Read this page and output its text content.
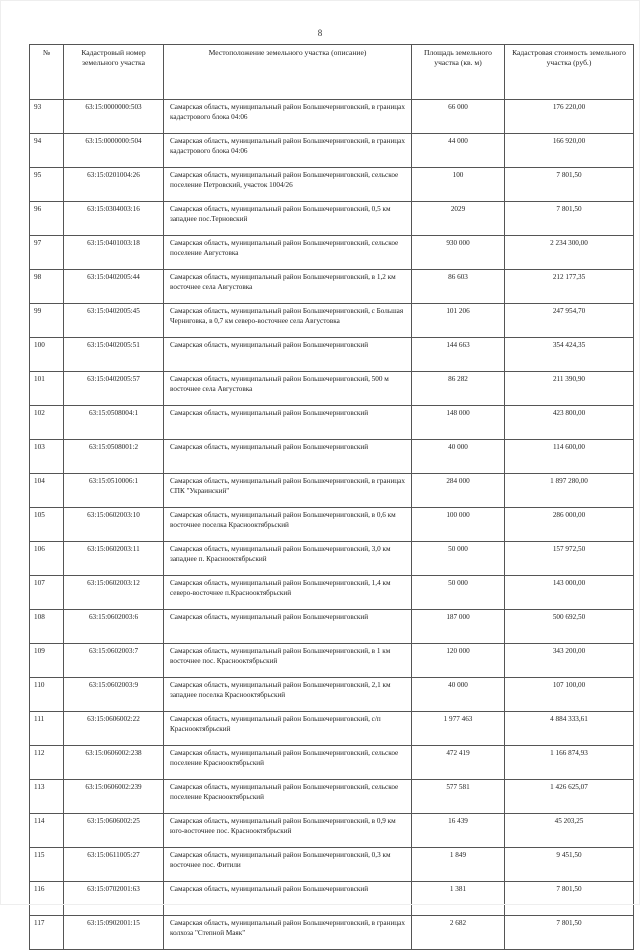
8
№	Кадастровый номер земельного участка	Местоположение земельного участка (описание)	Площадь земельного участка (кв. м)	Кадастровая стоимость земельного участка (руб.)
93	63:15:0000000:503	Самарская область, муниципальный район Большечерниговский, в границах кадастрового блока 04:06	66 000	176 220,00
94	63:15:0000000:504	Самарская область, муниципальный район Большечерниговский, в границах кадастрового блока 04:06	44 000	166 920,00
95	63:15:0201004:26	Самарская область, муниципальный район Большечерниговский, сельское поселение Петровский, участок 1004/26	100	7 801,50
96	63:15:0304003:16	Самарская область, муниципальный район Большечерниговский, 0,5 км западнее пос.Терновский	2029	7 801,50
97	63:15:0401003:18	Самарская область, муниципальный район Большечерниговский, сельское поселение Августовка	930 000	2 234 300,00
98	63:15:0402005:44	Самарская область, муниципальный район Большечерниговский, в 1,2 км восточнее села Августовка	86 603	212 177,35
99	63:15:0402005:45	Самарская область, муниципальный район Большечерниговский, с Большая Черниговка, в 0,7 км северо-восточнее села Августовка	101 206	247 954,70
100	63:15:0402005:51	Самарская область, муниципальный район Большечерниговский	144 663	354 424,35
101	63:15:0402005:57	Самарская область, муниципальный район Большечерниговский, 500 м восточнее села Августовка	86 282	211 390,90
102	63:15:0508004:1	Самарская область, муниципальный район Большечерниговский	148 000	423 800,00
103	63:15:0508001:2	Самарская область, муниципальный район Большечерниговский	40 000	114 600,00
104	63:15:0510006:1	Самарская область, муниципальный район Большечерниговский, в границах СПК "Украинский"	284 000	1 897 280,00
105	63:15:0602003:10	Самарская область, муниципальный район Большечерниговский, в 0,6 км восточнее поселка Краснооктябрьский	100 000	286 000,00
106	63:15:0602003:11	Самарская область, муниципальный район Большечерниговский, 3,0 км западнее п. Краснооктябрьский	50 000	157 972,50
107	63:15:0602003:12	Самарская область, муниципальный район Большечерниговский, 1,4 км северо-восточнее п.Краснооктябрьский	50 000	143 000,00
108	63:15:0602003:6	Самарская область, муниципальный район Большечерниговский	187 000	500 692,50
109	63:15:0602003:7	Самарская область, муниципальный район Большечерниговский, в 1 км восточнее пос. Краснооктябрьский	120 000	343 200,00
110	63:15:0602003:9	Самарская область, муниципальный район Большечерниговский, 2,1 км западнее поселка Краснооктябрьский	40 000	107 100,00
111	63:15:0606002:22	Самарская область, муниципальный район Большечерниговский, с/п Краснооктябрьский	1 977 463	4 884 333,61
112	63:15:0606002:238	Самарская область, муниципальный район Большечерниговский, сельское поселение Краснооктябрьский	472 419	1 166 874,93
113	63:15:0606002:239	Самарская область, муниципальный район Большечерниговский, сельское поселение Краснооктябрьский	577 581	1 426 625,07
114	63:15:0606002:25	Самарская область, муниципальный район Большечерниговский, в 0,9 км юго-восточнее пос. Краснооктябрьский	16 439	45 203,25
115	63:15:0611005:27	Самарская область, муниципальный район Большечерниговский, 0,3 км восточнее пос. Фитили	1 849	9 451,50
116	63:15:0702001:63	Самарская область, муниципальный район Большечерниговский	1 381	7 801,50
117	63:15:0902001:15	Самарская область, муниципальный район Большечерниговский, в границах колхоза "Степной Маяк"	2 682	7 801,50
